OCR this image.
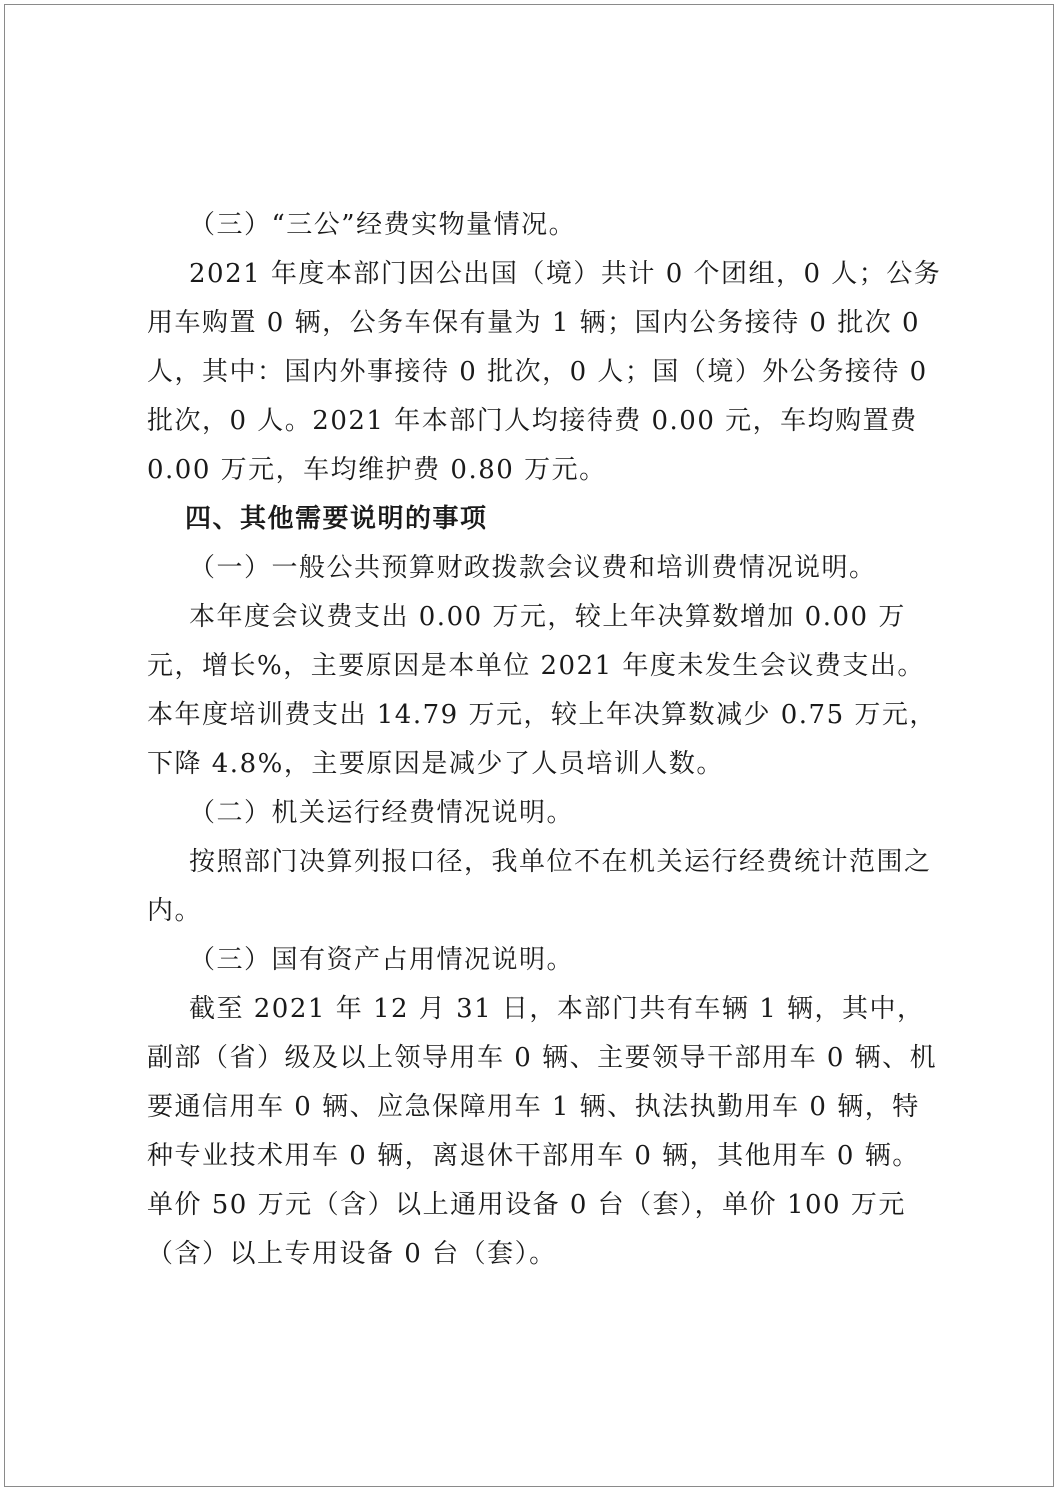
（三）“三公”经费实物量情况。

2021 年度本部门因公出国（境）共计 0 个团组，0 人；公务用车购置 0 辆，公务车保有量为 1 辆；国内公务接待 0 批次 0 人，其中：国内外事接待 0 批次，0 人；国（境）外公务接待 0 批次，0 人。2021 年本部门人均接待费 0.00 元，车均购置费 0.00 万元，车均维护费 0.80 万元。

四、其他需要说明的事项

（一）一般公共预算财政拨款会议费和培训费情况说明。

本年度会议费支出 0.00 万元，较上年决算数增加 0.00 万元，增长%，主要原因是本单位 2021 年度未发生会议费支出。本年度培训费支出 14.79 万元，较上年决算数减少 0.75 万元，下降 4.8%，主要原因是减少了人员培训人数。

（二）机关运行经费情况说明。

按照部门决算列报口径，我单位不在机关运行经费统计范围之内。

（三）国有资产占用情况说明。

截至 2021 年 12 月 31 日，本部门共有车辆 1 辆，其中，副部（省）级及以上领导用车 0 辆、主要领导干部用车 0 辆、机要通信用车 0 辆、应急保障用车 1 辆、执法执勤用车 0 辆，特种专业技术用车 0 辆，离退休干部用车 0 辆，其他用车 0 辆。单价 50 万元（含）以上通用设备 0 台（套），单价 100 万元（含）以上专用设备 0 台（套）。
